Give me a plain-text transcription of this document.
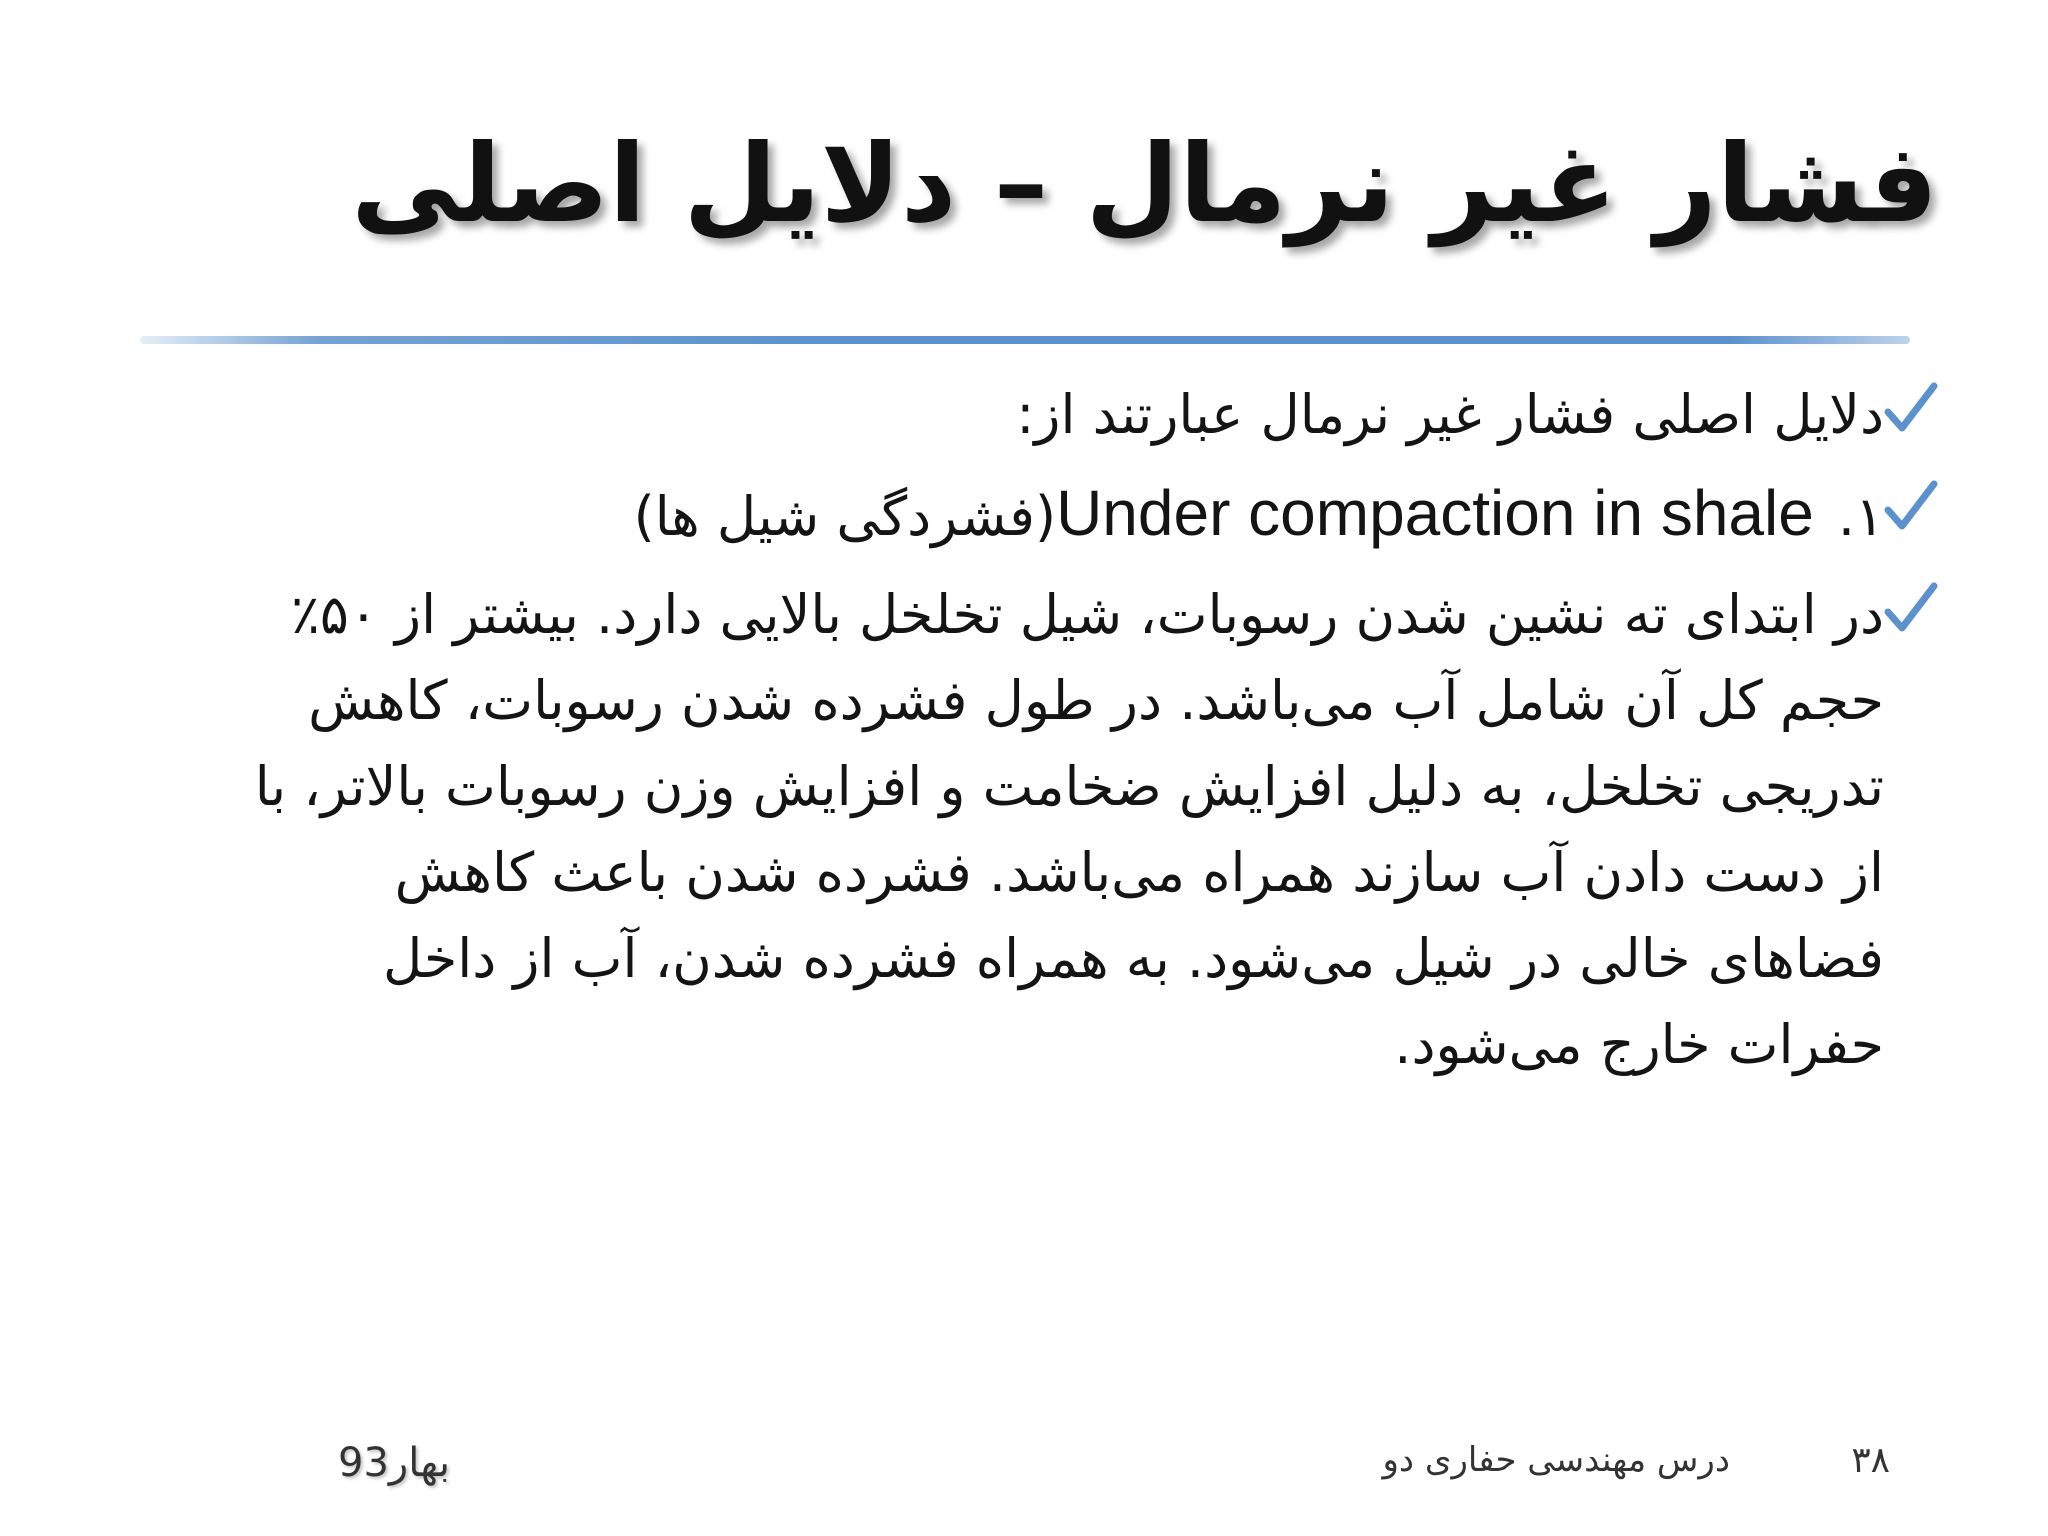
فشار غیر نرمال – دلایل اصلی
دلایل اصلی فشار غیر نرمال عبارتند از:
۱.Under compaction in shale(فشردگی شیل ها)
در ابتدای ته نشین شدن رسوبات، شیل تخلخل بالایی دارد. بیشتر از ۵۰٪ حجم کل آن شامل آب می‌باشد. در طول فشرده شدن رسوبات، کاهش تدریجی تخلخل، به دلیل افزایش ضخامت و افزایش وزن رسوبات بالاتر، با از دست دادن آب سازند همراه می‌باشد. فشرده شدن باعث کاهش فضاهای خالی در شیل می‌شود. به همراه فشرده شدن، آب از داخل حفرات خارج می‌شود.
۳۸
درس مهندسی حفاری دو
بهار93
